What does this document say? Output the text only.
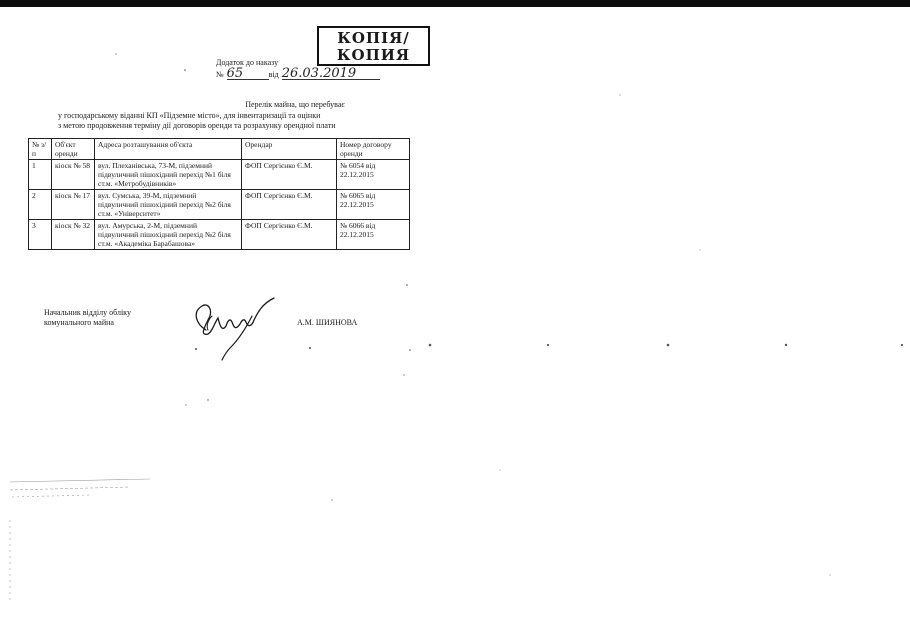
КОПІЯ/
КОПИЯ
Додаток до наказу
№ 65	від 26.03.2019
Перелік майна, що перебуває
у господарському віданні КП «Підземне місто», для інвентаризації та оцінки
з метою продовження терміну дії договорів оренди та розрахунку орендної плати
№ з/п	Об'єкт оренди	Адреса розташування об'єкта	Орендар	Номер договору оренди
1	кіоск № 58	вул. Плеханівська, 73-М, підземний підвуличний пішохідний перехід №1 біля ст.м. «Метробудівників»	ФОП Сергієнко Є.М.	№ 6054 від 22.12.2015
2	кіоск № 17	вул. Сумська, 39-М, підземний підвуличний пішохідний перехід №2 біля ст.м. «Університет»	ФОП Сергієнко Є.М.	№ 6065 від 22.12.2015
3	кіоск № 32	вул. Амурська, 2-М, підземний підвуличний пішохідний перехід №2 біля ст.м. «Академіка Барабашова»	ФОП Сергієнко Є.М.	№ 6066 від 22.12.2015
Начальник відділу обліку
комунального майна	А.М. ШИЯНОВА
